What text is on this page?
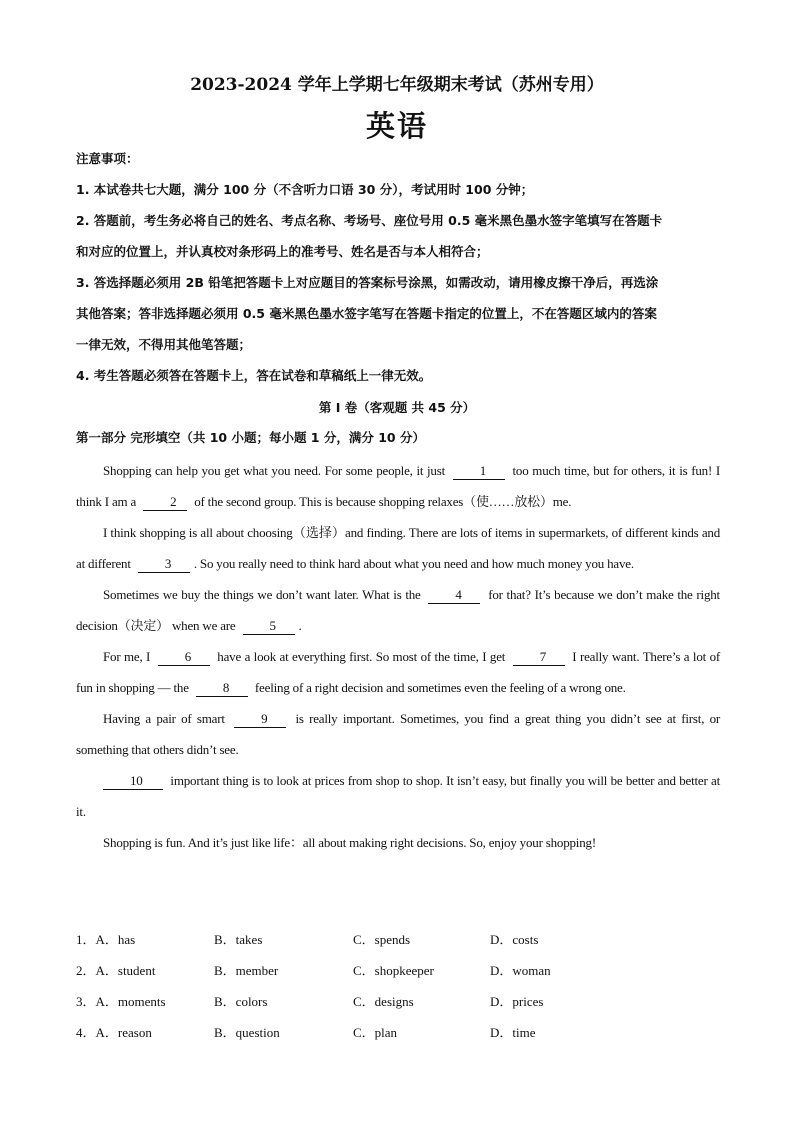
2023-2024 学年上学期七年级期末考试（苏州专用）
英语
注意事项：
1. 本试卷共七大题，满分 100 分（不含听力口语 30 分），考试用时 100 分钟；
2. 答题前，考生务必将自己的姓名、考点名称、考场号、座位号用 0.5 毫米黑色墨水签字笔填写在答题卡
和对应的位置上，并认真校对条形码上的准考号、姓名是否与本人相符合；
3. 答选择题必须用 2B 铅笔把答题卡上对应题目的答案标号涂黑，如需改动，请用橡皮擦干净后，再选涂
其他答案；答非选择题必须用 0.5 毫米黑色墨水签字笔写在答题卡指定的位置上，不在答题区域内的答案
一律无效，不得用其他笔答题；
4. 考生答题必须答在答题卡上，答在试卷和草稿纸上一律无效。
第 I 卷（客观题 共 45 分）
第一部分 完形填空（共 10 小题；每小题 1 分，满分 10 分）

Shopping can help you get what you need. For some people, it just	1 too much time, but for others, it is fun! I think I am a	2 of the second group. This is because shopping relaxes（使……放松）me.

I think shopping is all about choosing（选择）and finding. There are lots of items in supermarkets, of different kinds and at different	3 . So you really need to think hard about what you need and how much money you have.

Sometimes we buy the things we don’t want later. What is the	4 for that? It’s because we don’t make the right decision（决定） when we are	5 .

For me, I	6 have a look at everything first. So most of the time, I get	7 I really want. There’s a lot of fun in shopping — the	8 feeling of a right decision and sometimes even the feeling of a wrong one.

Having a pair of smart	9 is really important. Sometimes, you find a great thing you didn’t see at first, or something that others didn’t see.

10 important thing is to look at prices from shop to shop. It isn’t easy, but finally you will be better and better at it.

Shopping is fun. And it’s just like life：all about making right decisions. So, enjoy your shopping!

1．A．has	B．takes	C．spends	D．costs
2．A．student	B．member	C．shopkeeper	D．woman
3．A．moments	B．colors	C．designs	D．prices
4．A．reason	B．question	C．plan	D．time
